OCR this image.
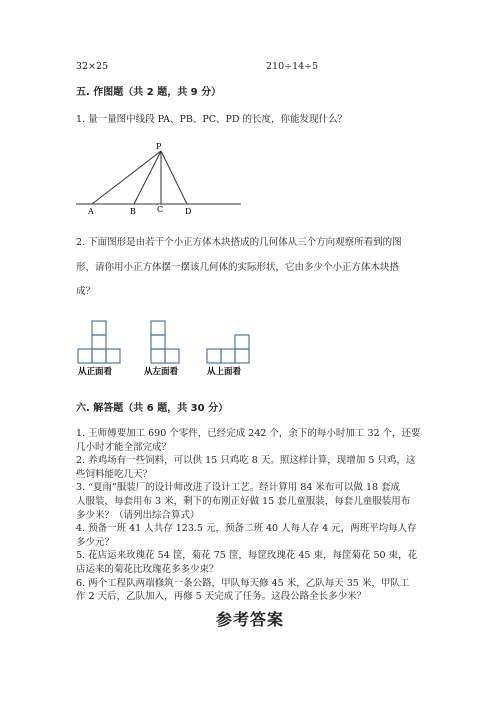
32×25	210÷14÷5
五. 作图题（共 2 题，共 9 分）
1. 量一量图中线段 PA、PB、PC、PD 的长度，你能发现什么？
P
A	B	C	D
2. 下面图形是由若干个小正方体木块搭成的几何体从三个方向观察所看到的图
形，请你用小正方体摆一摆该几何体的实际形状，它由多少个小正方体木块搭
成？
从正面看	从左面看	从上面看
六. 解答题（共 6 题，共 30 分）
1. 王师傅要加工 690 个零件，已经完成 242 个，余下的每小时加工 32 个，还要
几小时才能全部完成？
2. 养鸡场有一些饲料，可以供 15 只鸡吃 8 天。照这样计算，现增加 5 只鸡，这
些饲料能吃几天？
3. “夏雨”服装厂的设计师改进了设计工艺。经计算用 84 米布可以做 18 套成
人服装，每套用布 3 米，剩下的布刚正好做 15 套儿童服装，每套儿童服装用布
多少米？（请列出综合算式）
4. 预备一班 41 人共存 123.5 元，预备二班 40 人每人存 4 元，两班平均每人存
多少元？
5. 花店运来玫瑰花 54 筐，菊花 75 筐，每筐玫瑰花 45 束，每筐菊花 50 束，花
店运来的菊花比玫瑰花多多少束？
6. 两个工程队两端修筑一条公路，甲队每天修 45 米，乙队每天 35 米，甲队工
作 2 天后，乙队加入，再修 5 天完成了任务。这段公路全长多少米？
参考答案
